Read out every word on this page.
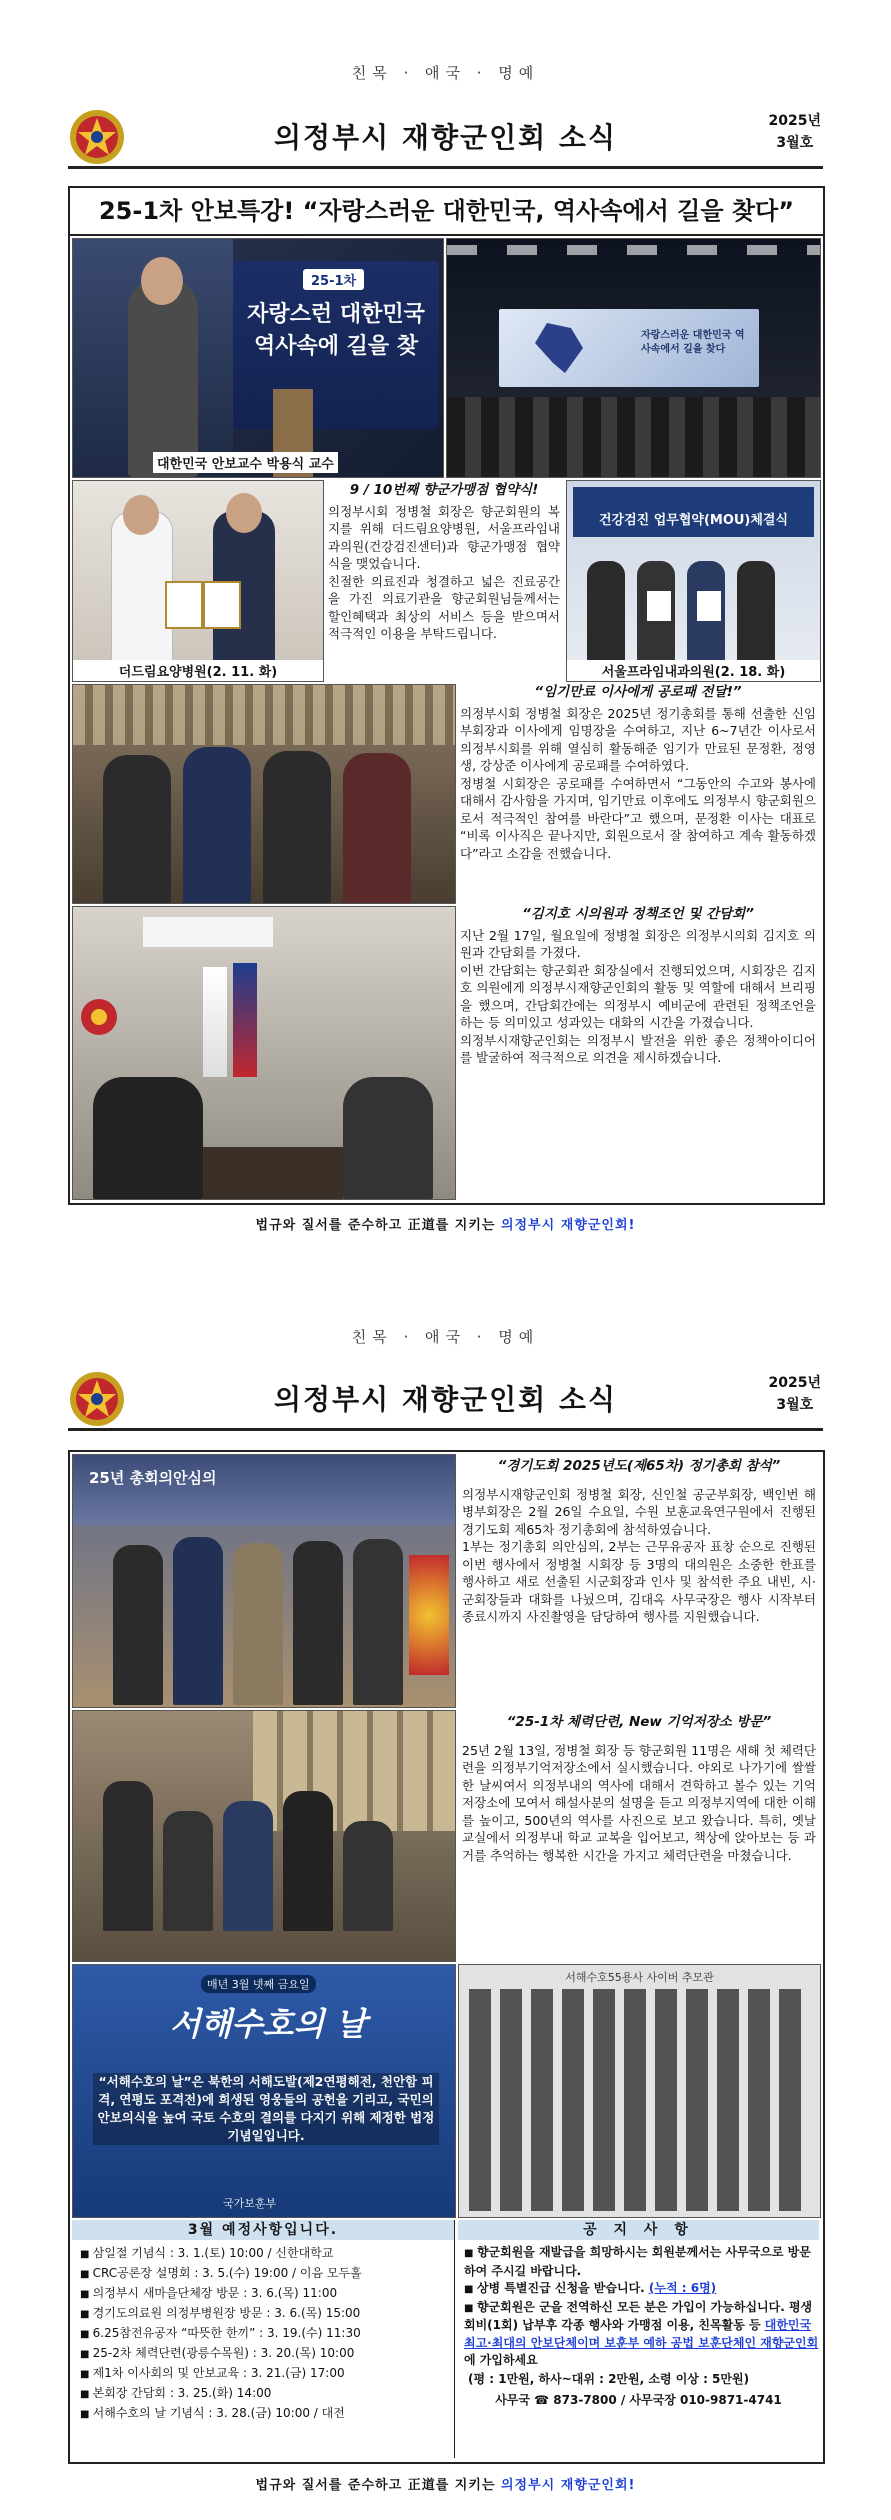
친목 · 애국 · 명예
의정부시 재향군인회 소식	2025년
3월호
25-1차 안보특강! “자랑스러운 대한민국, 역사속에서 길을 찾다”
25-1차
자랑스런 대한민국 역사속에 길을 찾
대한민국 안보교수 박용식 교수
자랑스러운 대한민국 역사속에서 길을 찾다
더드림요양병원(2. 11. 화)
9 / 10번째 향군가맹점 협약식!
의정부시회 정병철 회장은 향군회원의 복지를 위해 더드림요양병원, 서울프라임내과의원(건강검진센터)과 향군가맹점 협약식을 맺었습니다.
친절한 의료진과 청결하고 넓은 진료공간을 가진 의료기관을 향군회원님들께서는 할인혜택과 최상의 서비스 등을 받으며서 적극적인 이용을 부탁드립니다.
건강검진 업무협약(MOU)체결식
서울프라임내과의원(2. 18. 화)
“임기만료 이사에게 공로패 전달!”
의정부시회 정병철 회장은 2025년 정기총회를 통해 선출한 신임 부회장과 이사에게 임명장을 수여하고, 지난 6~7년간 이사로서 의정부시회를 위해 열심히 활동해준 임기가 만료된 문정환, 정영생, 강상준 이사에게 공로패를 수여하였다.
정병철 시회장은 공로패를 수여하면서 “그동안의 수고와 봉사에 대해서 감사함을 가지며, 임기만료 이후에도 의정부시 향군회원으로서 적극적인 참여를 바란다”고 했으며, 문정환 이사는 대표로 “비록 이사직은 끝나지만, 회원으로서 잘 참여하고 계속 활동하겠다”라고 소감을 전했습니다.
“김지호 시의원과 정책조언 및 간담회”
지난 2월 17일, 월요일에 정병철 회장은 의정부시의회 김지호 의원과 간담회를 가졌다.
이번 간담회는 향군회관 회장실에서 진행되었으며, 시회장은 김지호 의원에게 의정부시재향군인회의 활동 및 역할에 대해서 브리핑을 했으며, 간담회간에는 의정부시 예비군에 관련된 정책조언을 하는 등 의미있고 성과있는 대화의 시간을 가졌습니다.
의정부시재향군인회는 의정부시 발전을 위한 좋은 정책아이디어를 발굴하여 적극적으로 의견을 제시하겠습니다.
법규와 질서를 준수하고 正道를 지키는 의정부시 재향군인회!
친목 · 애국 · 명예
의정부시 재향군인회 소식	2025년
3월호
25년 총회의안심의
“경기도회 2025년도(제65차) 정기총회 참석”
의정부시재향군인회 정병철 회장, 신인철 공군부회장, 백인번 해병부회장은 2월 26일 수요일, 수원 보훈교육연구원에서 진행된 경기도회 제65차 정기총회에 참석하였습니다.
1부는 정기총회 의안심의, 2부는 근무유공자 표창 순으로 진행된 이번 행사에서 정병철 시회장 등 3명의 대의원은 소중한 한표를 행사하고 새로 선출된 시군회장과 인사 및 참석한 주요 내빈, 시·군회장들과 대화를 나눴으며, 김대옥 사무국장은 행사 시작부터 종료시까지 사진촬영을 담당하여 행사를 지원했습니다.
“25-1차 체력단련, New 기억저장소 방문”
25년 2월 13일, 정병철 회장 등 향군회원 11명은 새해 첫 체력단련을 의정부기억저장소에서 실시했습니다. 야외로 나가기에 쌀쌀한 날씨여서 의정부내의 역사에 대해서 견학하고 볼수 있는 기억저장소에 모여서 해설사분의 설명을 듣고 의정부지역에 대한 이해를 높이고, 500년의 역사를 사진으로 보고 왔습니다. 특히, 옛날 교실에서 의정부내 학교 교복을 입어보고, 책상에 앉아보는 등 과거를 추억하는 행복한 시간을 가지고 체력단련을 마쳤습니다.
매년 3월 넷째 금요일
서해수호의 날
“서해수호의 날”은 북한의 서해도발(제2연평해전, 천안함 피격, 연평도 포격전)에 희생된 영웅들의 공헌을 기리고, 국민의 안보의식을 높여 국토 수호의 결의를 다지기 위해 제정한 법정기념일입니다.
국가보훈부
서해수호55용사 사이버 추모관
3월 예정사항입니다.
■ 삼일절 기념식 : 3. 1.(토) 10:00 / 신한대학교
■ CRC공론장 설명회 : 3. 5.(수) 19:00 / 이음 모두홀
■ 의정부시 새마을단체장 방문 : 3. 6.(목) 11:00
■ 경기도의료원 의정부병원장 방문 : 3. 6.(목) 15:00
■ 6.25참전유공자 “따뜻한 한끼” : 3. 19.(수) 11:30
■ 25-2차 체력단련(광릉수목원) : 3. 20.(목) 10:00
■ 제1차 이사회의 및 안보교육 : 3. 21.(금) 17:00
■ 본회장 간담회 : 3. 25.(화) 14:00
■ 서해수호의 날 기념식 : 3. 28.(금) 10:00 / 대전
공 지 사 항
■ 향군회원을 재발급을 희망하시는 회원분께서는 사무국으로 방문하여 주시길 바랍니다.
■ 상병 특별진급 신청을 받습니다. (누적 : 6명)
■ 향군회원은 군을 전역하신 모든 분은 가입이 가능하십니다. 평생회비(1회) 납부후 각종 행사와 가맹점 이용, 친목활동 등 대한민국 최고·최대의 안보단체이며 보훈부 예하 공법 보훈단체인 재향군인회에 가입하세요
(평 : 1만원, 하사~대위 : 2만원, 소령 이상 : 5만원)
사무국 ☎ 873-7800 / 사무국장 010-9871-4741
법규와 질서를 준수하고 正道를 지키는 의정부시 재향군인회!
